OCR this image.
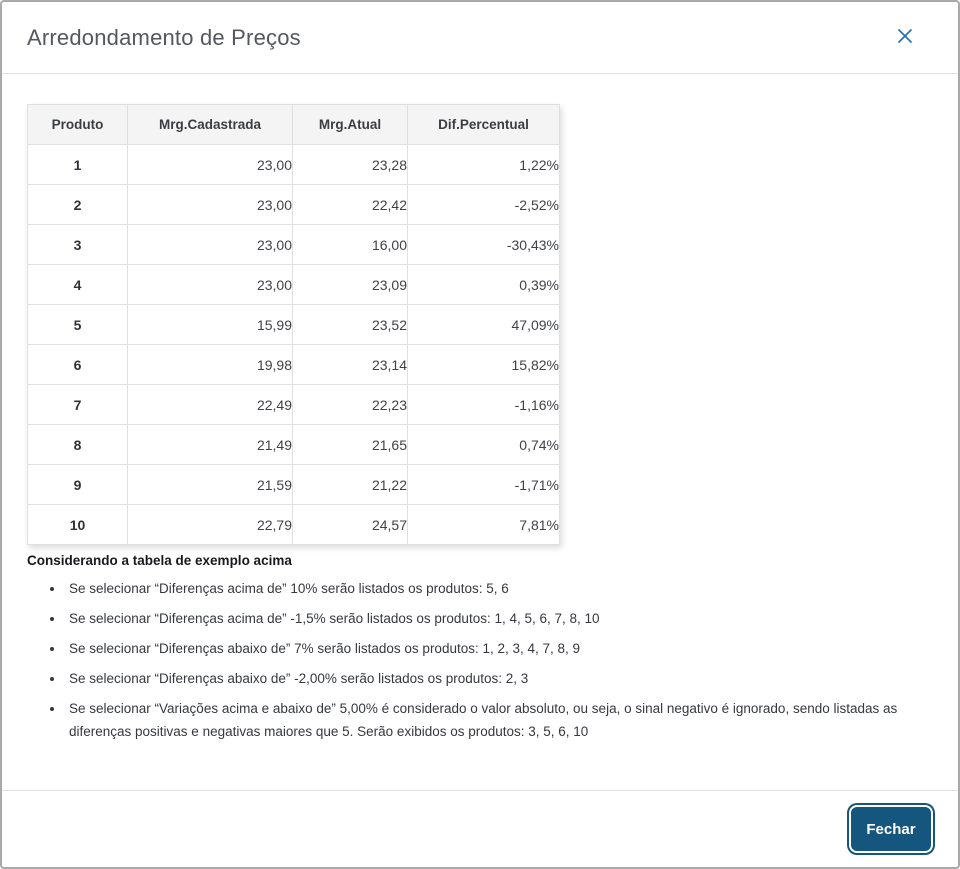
Arredondamento de Preços
Produto	Mrg.Cadastrada	Mrg.Atual	Dif.Percentual
1	23,00	23,28	1,22%
2	23,00	22,42	-2,52%
3	23,00	16,00	-30,43%
4	23,00	23,09	0,39%
5	15,99	23,52	47,09%
6	19,98	23,14	15,82%
7	22,49	22,23	-1,16%
8	21,49	21,65	0,74%
9	21,59	21,22	-1,71%
10	22,79	24,57	7,81%
Considerando a tabela de exemplo acima
• Se selecionar “Diferenças acima de” 10% serão listados os produtos: 5, 6
• Se selecionar “Diferenças acima de” -1,5% serão listados os produtos: 1, 4, 5, 6, 7, 8, 10
• Se selecionar “Diferenças abaixo de” 7% serão listados os produtos: 1, 2, 3, 4, 7, 8, 9
• Se selecionar “Diferenças abaixo de” -2,00% serão listados os produtos: 2, 3
• Se selecionar “Variações acima e abaixo de” 5,00% é considerado o valor absoluto, ou seja, o sinal negativo é ignorado, sendo listadas as diferenças positivas e negativas maiores que 5. Serão exibidos os produtos: 3, 5, 6, 10
Fechar
